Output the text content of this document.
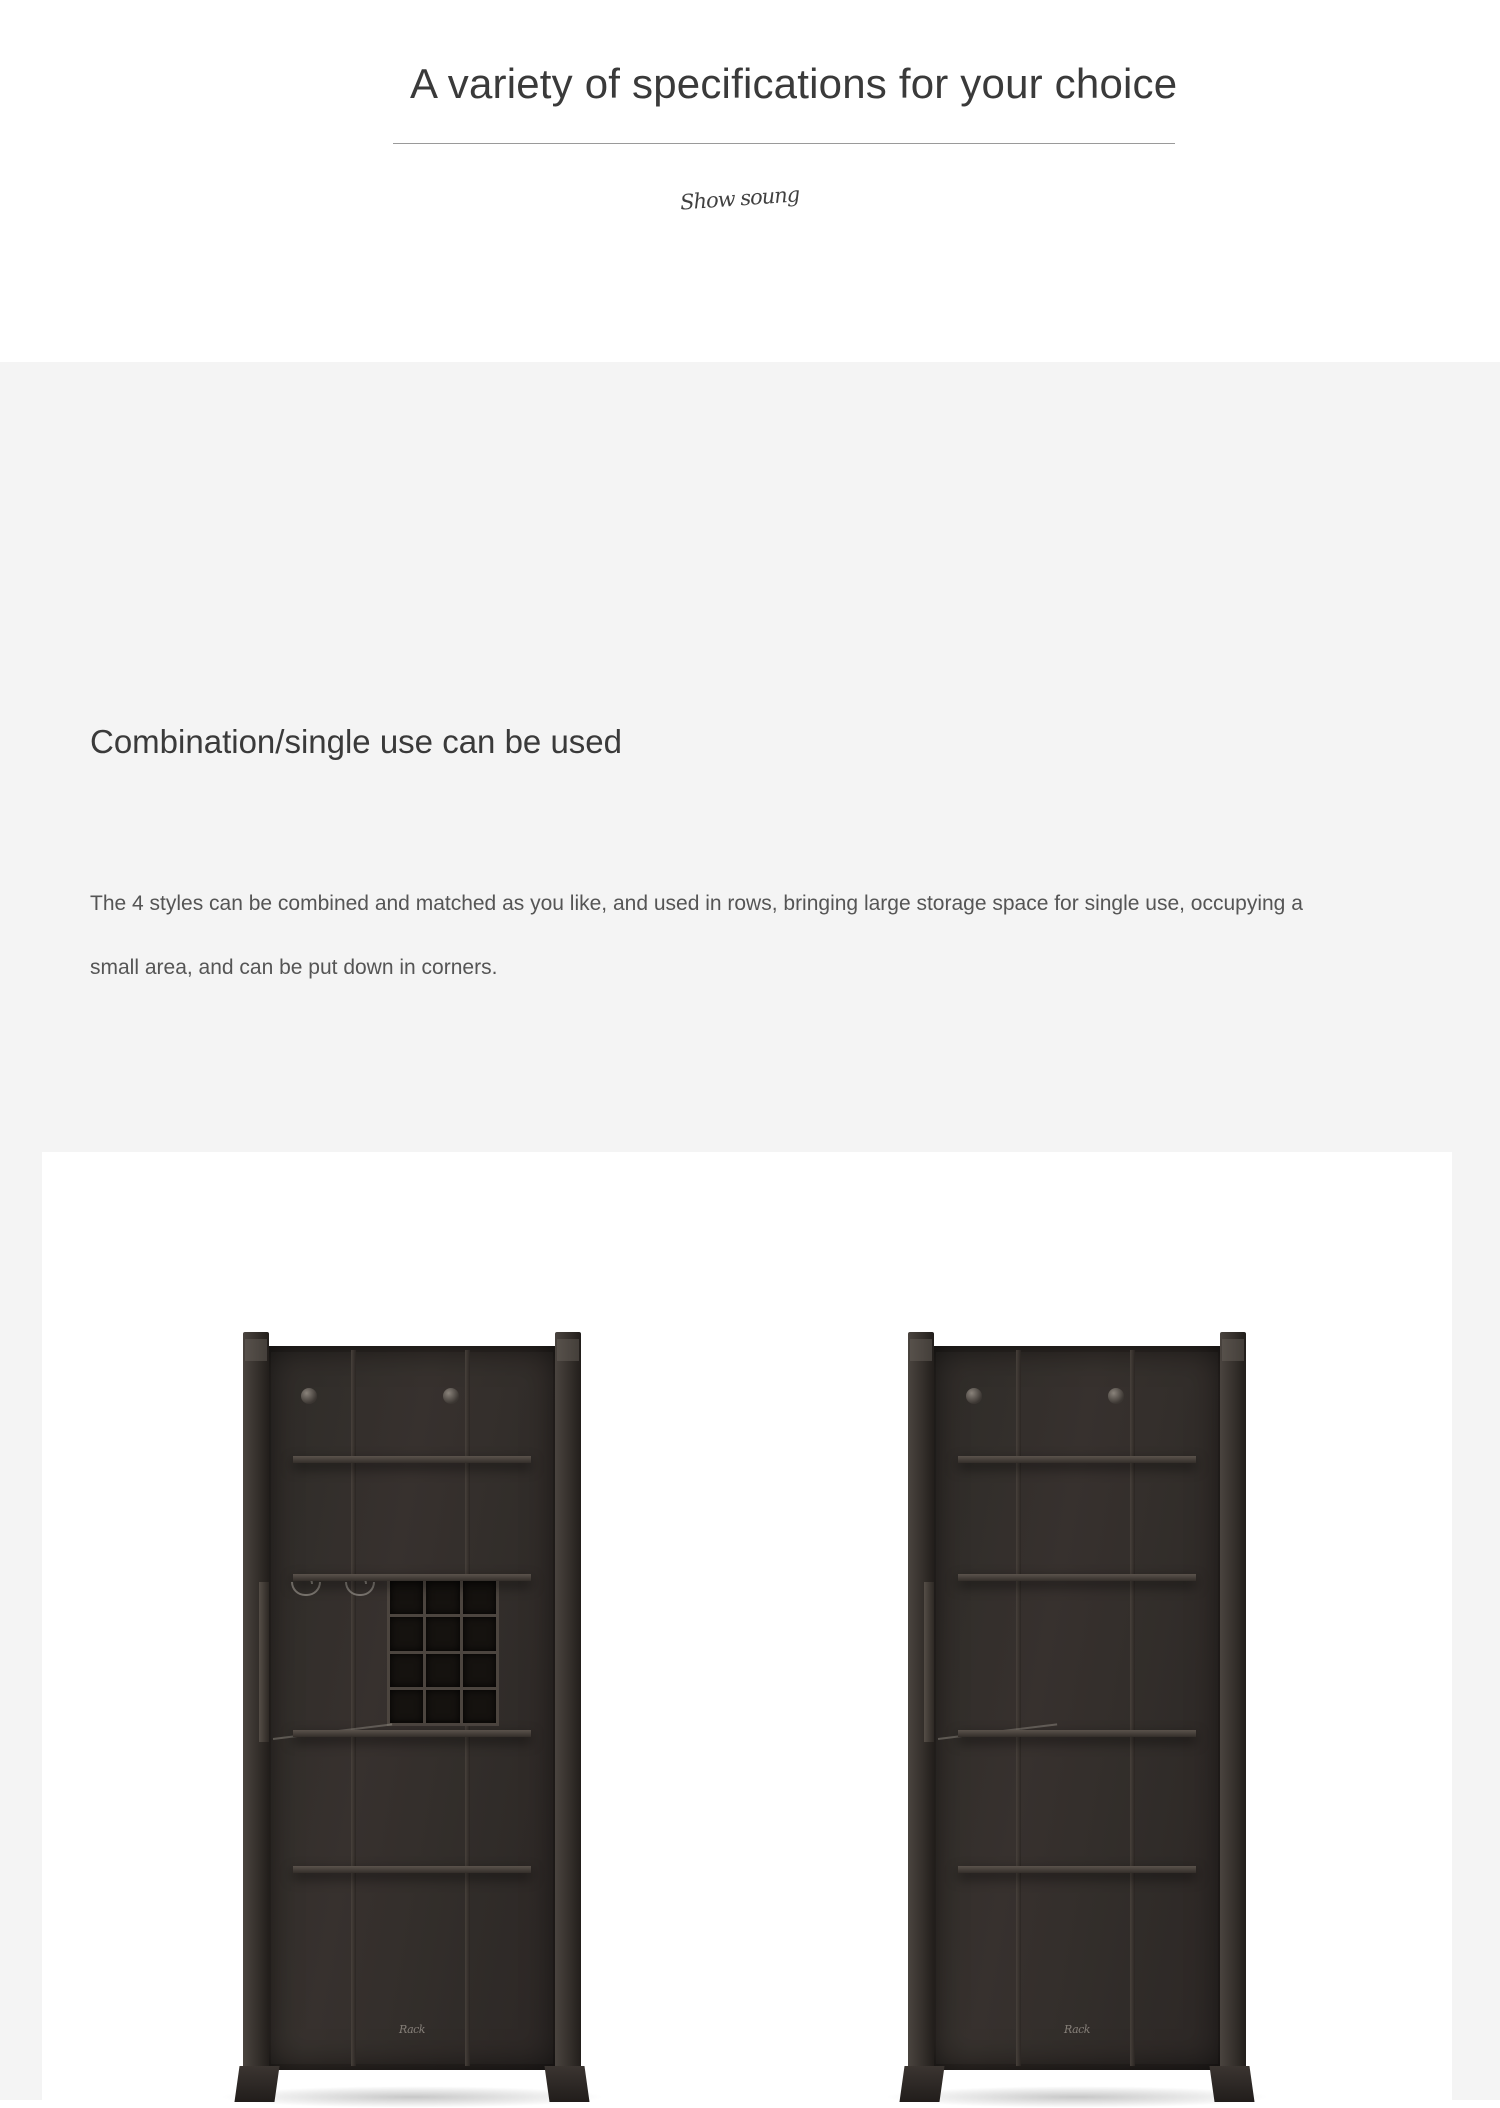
A variety of specifications for your choice
Show soung
Combination/single use can be used
The 4 styles can be combined and matched as you like, and used in rows, bringing large storage space for single use, occupying a small area, and can be put down in corners.
Rack	Rack
